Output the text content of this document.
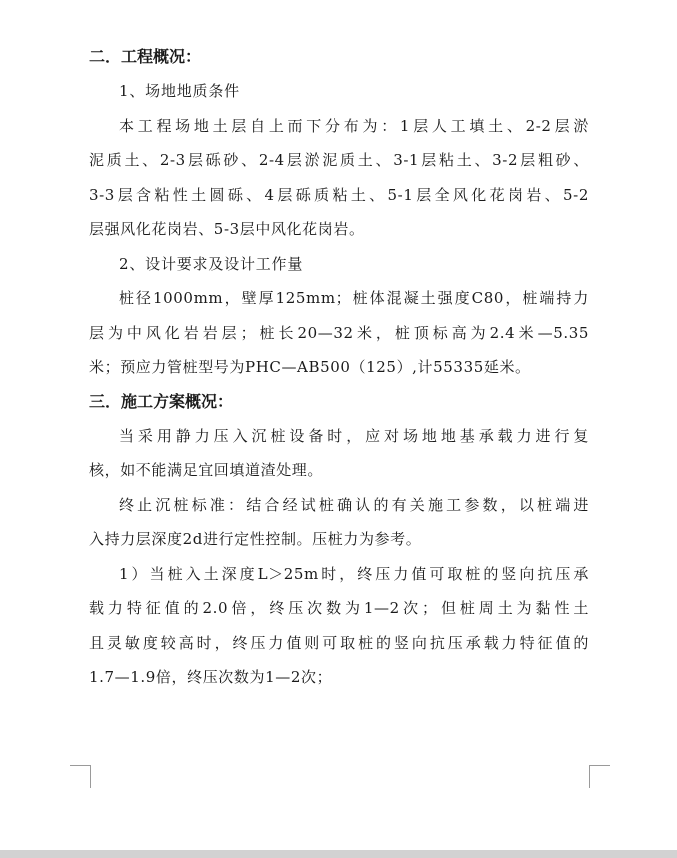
二．工程概况：
1、场地地质条件
本工程场地土层自上而下分布为：1层人工填土、2-2层淤
泥质土、2-3层砾砂、2-4层淤泥质土、3-1层粘土、3-2层粗砂、
3-3层含粘性土圆砾、4层砾质粘土、5-1层全风化花岗岩、5-2
层强风化花岗岩、5-3层中风化花岗岩。
2、设计要求及设计工作量
桩径1000mm，壁厚125mm；桩体混凝土强度C80，桩端持力
层为中风化岩岩层；桩长20—32米，桩顶标高为2.4米—5.35
米；预应力管桩型号为PHC—AB500（125）,计55335延米。
三．施工方案概况：
当采用静力压入沉桩设备时，应对场地地基承载力进行复
核，如不能满足宜回填道渣处理。
终止沉桩标准：结合经试桩确认的有关施工参数，以桩端进
入持力层深度2d进行定性控制。压桩力为参考。
1）当桩入土深度L＞25m时，终压力值可取桩的竖向抗压承
载力特征值的2.0倍，终压次数为1—2次；但桩周土为黏性土
且灵敏度较高时，终压力值则可取桩的竖向抗压承载力特征值的
1.7—1.9倍，终压次数为1—2次；
